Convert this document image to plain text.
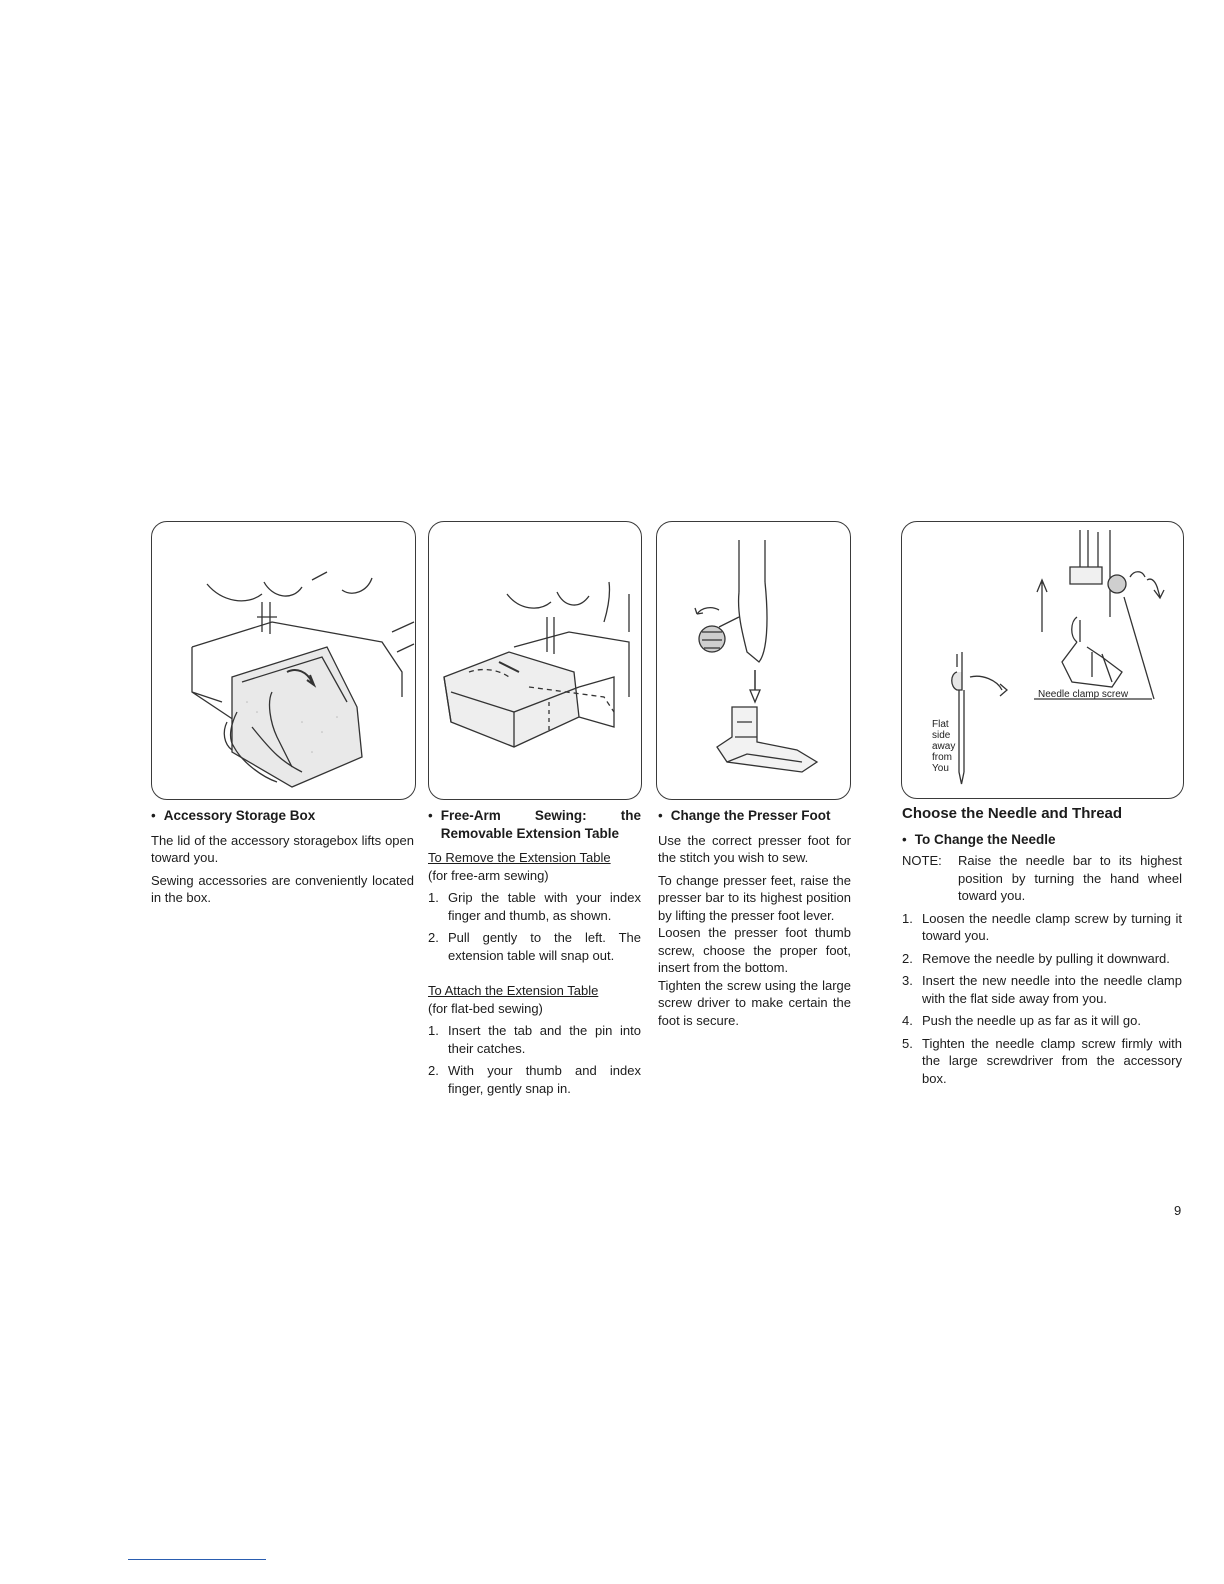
Needle clamp screw
Flat
side
away
from
You

• Accessory Storage Box

The lid of the accessory storagebox lifts open toward you.

Sewing accessories are conveniently located in the box.

• Free-Arm Sewing: the Removable Extension Table

To Remove the Extension Table

(for free-arm sewing)

1. Grip the table with your index finger and thumb, as shown.
2. Pull gently to the left. The extension table will snap out.

To Attach the Extension Table

(for flat-bed sewing)

1. Insert the tab and the pin into their catches.
2. With your thumb and index finger, gently snap in.

• Change the Presser Foot

Use the correct presser foot for the stitch you wish to sew.

To change presser feet, raise the presser bar to its highest position by lifting the presser foot lever.

Loosen the presser foot thumb screw, choose the proper foot, insert from the bottom.

Tighten the screw using the large screw driver to make certain the foot is secure.

Choose the Needle and Thread

• To Change the Needle

NOTE:	Raise the needle bar to its highest position by turning the hand wheel toward you.
1. Loosen the needle clamp screw by turning it toward you.
2. Remove the needle by pulling it downward.
3. Insert the new needle into the needle clamp with the flat side away from you.
4. Push the needle up as far as it will go.
5. Tighten the needle clamp screw firmly with the large screwdriver from the accessory box.
9
